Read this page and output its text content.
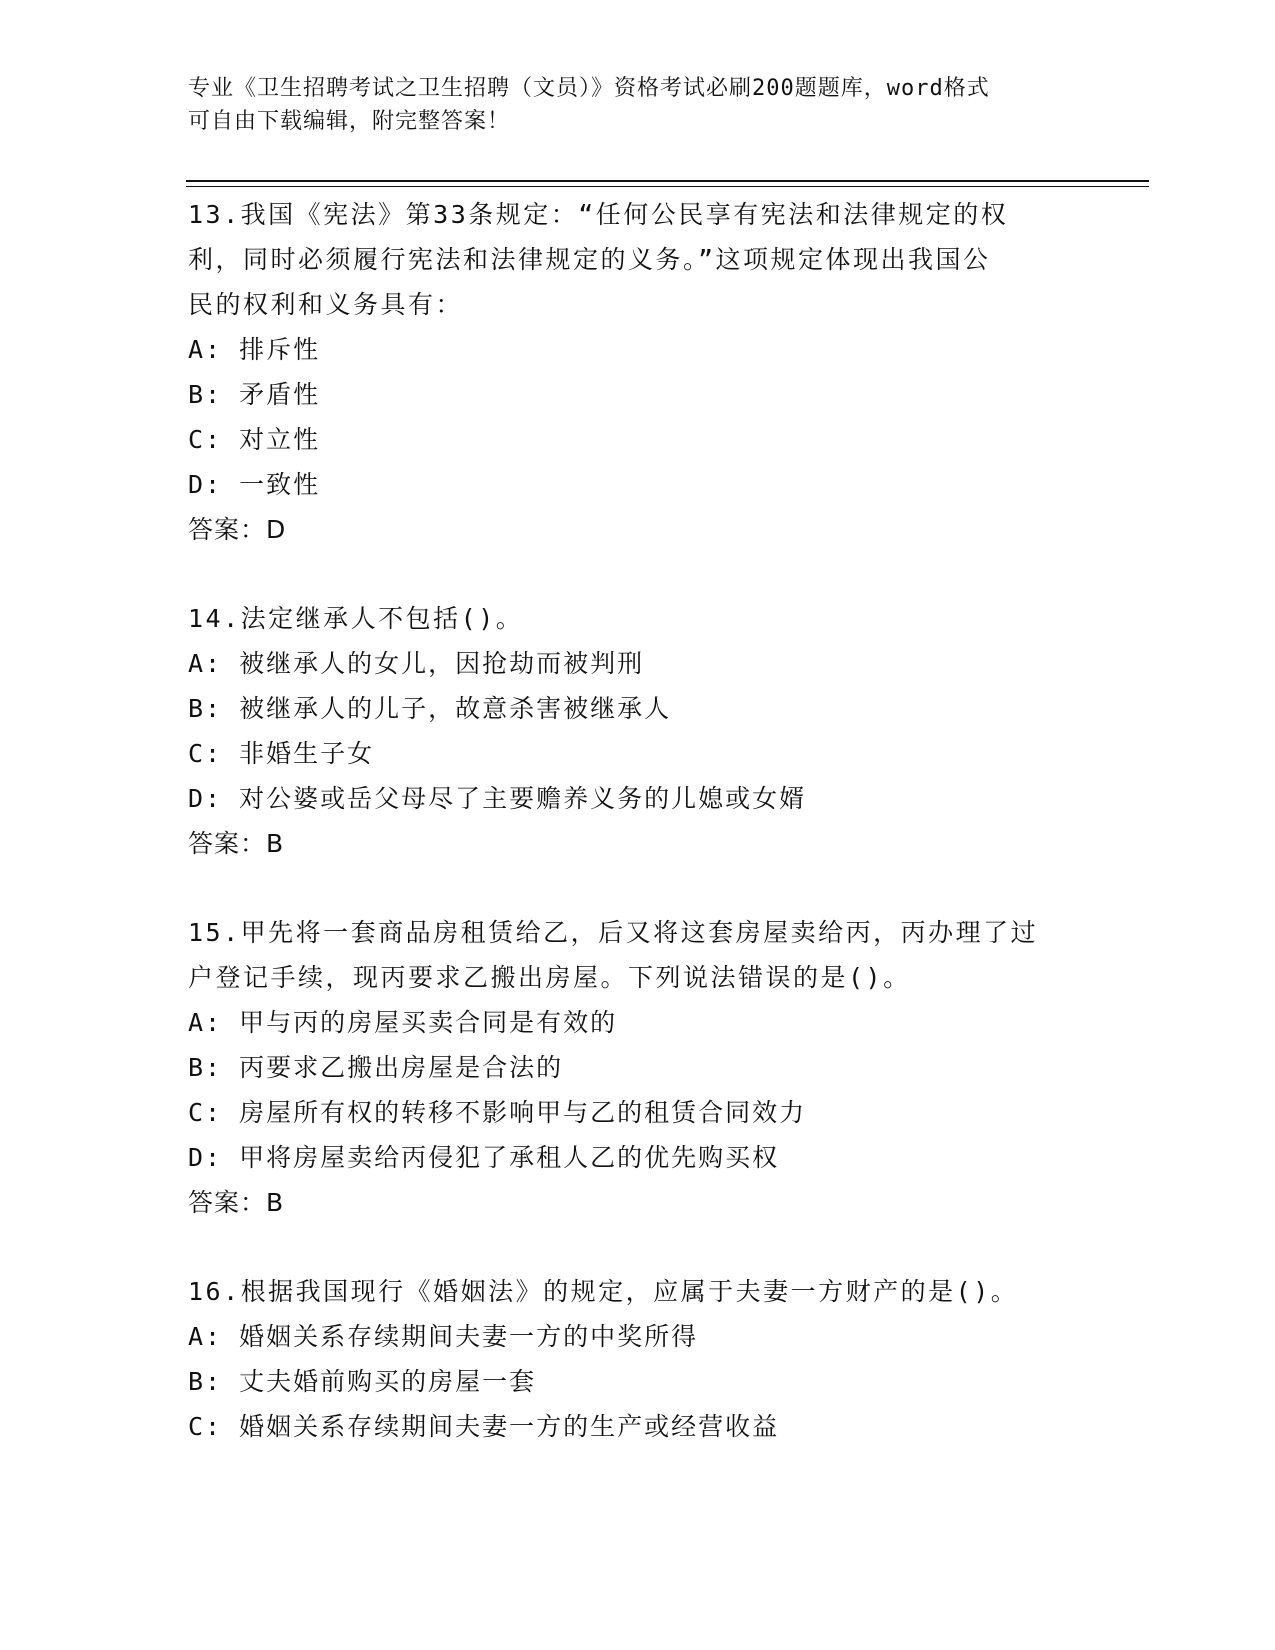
专业《卫生招聘考试之卫生招聘（文员）》资格考试必刷200题题库，word格式
可自由下载编辑，附完整答案！
13.我国《宪法》第33条规定：“任何公民享有宪法和法律规定的权
利，同时必须履行宪法和法律规定的义务。”这项规定体现出我国公
民的权利和义务具有：
A: 排斥性
B: 矛盾性
C: 对立性
D: 一致性
答案：D
14.法定继承人不包括()。
A: 被继承人的女儿，因抢劫而被判刑
B: 被继承人的儿子，故意杀害被继承人
C: 非婚生子女
D: 对公婆或岳父母尽了主要赡养义务的儿媳或女婿
答案：B
15.甲先将一套商品房租赁给乙，后又将这套房屋卖给丙，丙办理了过
户登记手续，现丙要求乙搬出房屋。下列说法错误的是()。
A: 甲与丙的房屋买卖合同是有效的
B: 丙要求乙搬出房屋是合法的
C: 房屋所有权的转移不影响甲与乙的租赁合同效力
D: 甲将房屋卖给丙侵犯了承租人乙的优先购买权
答案：B
16.根据我国现行《婚姻法》的规定，应属于夫妻一方财产的是()。
A: 婚姻关系存续期间夫妻一方的中奖所得
B: 丈夫婚前购买的房屋一套
C: 婚姻关系存续期间夫妻一方的生产或经营收益
